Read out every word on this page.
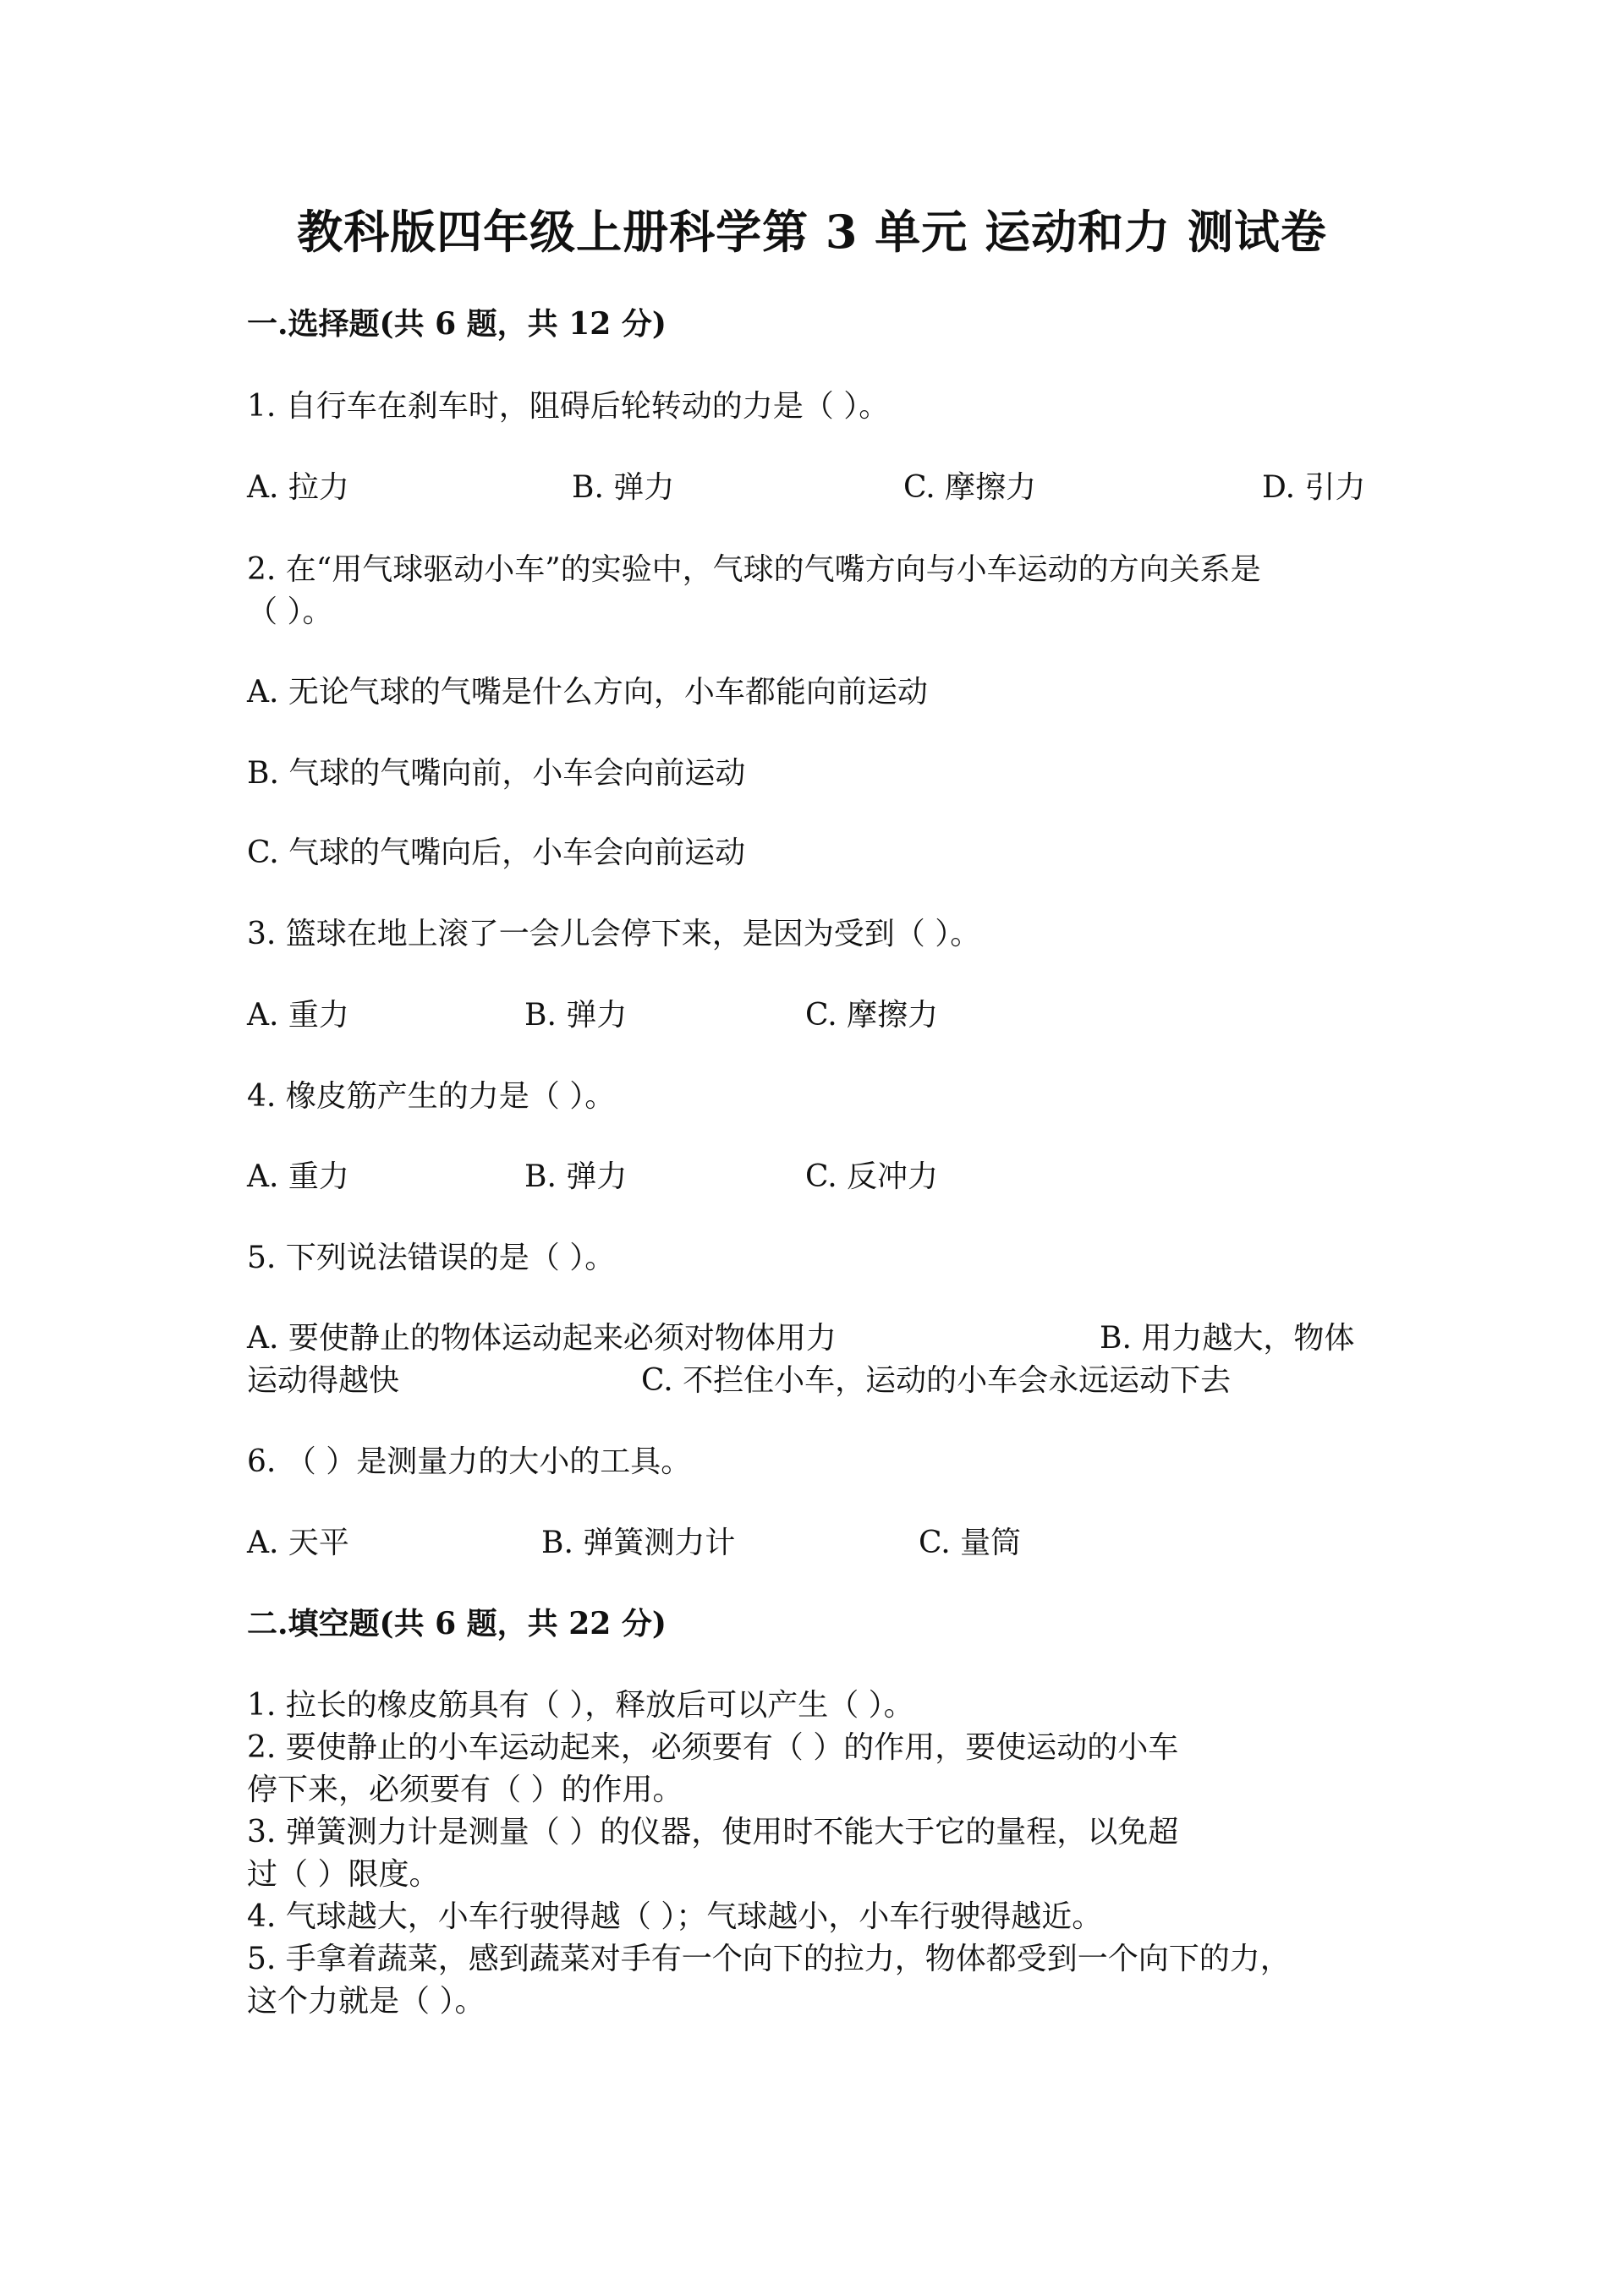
教科版四年级上册科学第 3 单元 运动和力 测试卷
一.选择题(共 6 题，共 12 分)
1. 自行车在刹车时，阻碍后轮转动的力是（ ）。
A. 拉力	B. 弹力	C. 摩擦力	D. 引力
2. 在“用气球驱动小车”的实验中，气球的气嘴方向与小车运动的方向关系是
（ ）。
A. 无论气球的气嘴是什么方向，小车都能向前运动
B. 气球的气嘴向前，小车会向前运动
C. 气球的气嘴向后，小车会向前运动
3. 篮球在地上滚了一会儿会停下来，是因为受到（ ）。
A. 重力	B. 弹力	C. 摩擦力
4. 橡皮筋产生的力是（ ）。
A. 重力	B. 弹力	C. 反冲力
5. 下列说法错误的是（ ）。
A. 要使静止的物体运动起来必须对物体用力	B. 用力越大，物体
运动得越快	C. 不拦住小车，运动的小车会永远运动下去
6. （ ）是测量力的大小的工具。
A. 天平	B. 弹簧测力计	C. 量筒
二.填空题(共 6 题，共 22 分)
1. 拉长的橡皮筋具有（ ），释放后可以产生（ ）。
2. 要使静止的小车运动起来，必须要有（ ）的作用，要使运动的小车
停下来，必须要有（ ）的作用。
3. 弹簧测力计是测量（ ）的仪器，使用时不能大于它的量程，以免超
过（ ）限度。
4. 气球越大，小车行驶得越（ ）；气球越小，小车行驶得越近。
5. 手拿着蔬菜，感到蔬菜对手有一个向下的拉力，物体都受到一个向下的力，
这个力就是（ ）。
